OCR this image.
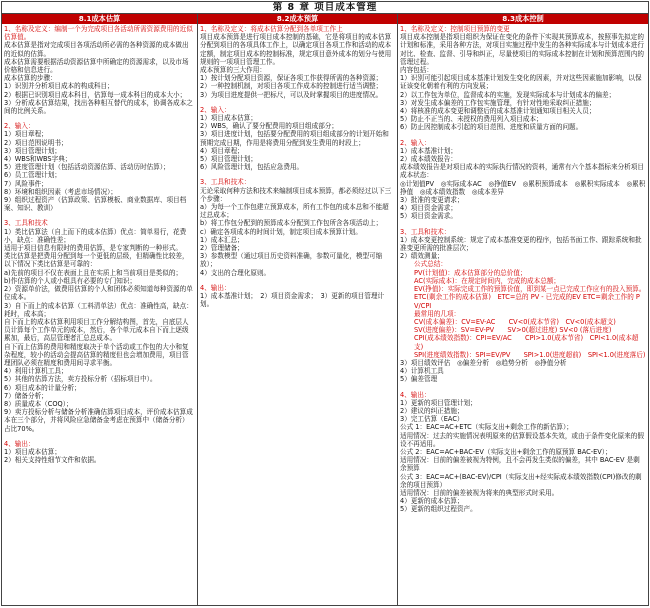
第 8 章 项目成本管理
8.1成本估算

1、名称及定义：编制一个为完成项目各活动所需资源费用的近似估算值。

成本估算是指对完成项目各项活动所必需的各种资源的成本做出的近似的估算。

成本估算需要根据活动资源估算中所确定的资源需求，以及市场价格和信息进行。

成本估算的步骤：

1）识别并分析项目成本的构成科目；

2）根据已识别项目成本科目，估算每一成本科目的成本大小；

3）分析成本估算结果，找出各种相互替代的成本，协调各成本之间的比例关系。

2、输入：

1）项目章程；

2）项目范围说明书；

3）项目管理计划；

4）WBS和WBS字典；

5）进度管理计划（包括活动资源估算、活动历时估算）；

6）员工管理计划；

7）风险事件；

8）环境和组织因素（考虑市场情况）；

9）组织过程资产（估算政策、估算模板、商业数据库、项目档案、知识、教训）

3、工具和技术

1）类比估算法（自上而下的成本估算）优点：简单易行，花费小，缺点：准确性差；

适用于项目信息有限时的费用估算，是专家判断的一种形式。

类比估算是把费用分配到每一个更低的层级，但精确性比较差，以下情况下类比估算是可靠的：

a)先前的项目不仅在表面上且在实质上和当前项目是类似的；

b)作估算的个人或小组具有必要的专门知识；

2）资源单价法，做费用估算的个人和团体必须知道每种资源的单位成本。

3）自下而上的成本估算（工料清单法）优点：准确性高，缺点：耗时，成本高；

自下而上的成本估算利用项目工作分解结构图，首先，自底层人员计算每个工作单元的成本，然后，各个单元成本自下而上逐级累加，最后，高层管理者汇总总成本。

自下而上估算的费用和精度取决于单个活动或工作包的大小和复杂程度，较小的活动会提高估算的精度但也会增加费用，项目管理团队必须在精度和费用间寻求平衡。

4）利用计算机工具；

5）其他的估算方法，卖方投标分析（招标项目中）。

6）项目成本的计量分析；

7）储备分析；

8）质量成本（COQ）；

9）卖方投标分析与储备分析准确估算项目成本，评价成本估算成本在三个部分，并将风险应急储备金考虑在预算中（储备分析）占比70%。

4、输出：

1）项目成本估算；

2）相关支持性细节文件和依据。

8.2成本预算

1、名称及定义：将成本估算分配到各单项工作上

项目成本预算是进行项目成本控制的基础，它是将项目的成本估算分配到项目的各项具体工作上，以确定项目各项工作和活动的成本定额，制定项目成本的控制标准，规定项目意外成本的划分与使用规则的一项项目管理工作。

成本预算的三大作用：

1）按计划分配项目资源，保证各项工作获得所需的各种资源；

2）一种控制机制，对项目各项工作成本的控制进行适当调整；

3）为项目进度提供一把标尺，可以及时掌握项目的进度情况。

2、输入：

1）项目成本估算；

2）WBS，确认了要分配费用的项目组成部分；

3）项目进度计划，包括要分配费用的项目组成部分的计划开始和预期完成日期，作用是将费用分配到发生费用的时段上；

4）项目章程；

5）项目管理计划；

6）风险管理计划，包括应急费用。

3、工具和技术：

无论采取何种方法和技术来编制项目成本预算，都必须经过以下三个步骤：

a）为每一个工作包建立预算成本，所有工作包的成本总和不能超过总成本；

b）将工作包分配到的预算成本分配到工作包所含各项活动上；

c）确定各项成本的时间计划，制定项目成本预算计划。

1）成本汇总；

2）管理储备；

3）参数模型（通过项目历史资料准确，参数可量化，模型可缩放）；

4）支出的合理化原则。

4、输出：

1）成本基准计划；　2）项目资金需求；　3）更新的项目管理计划。

8.3成本控制

1、名称及定义：控制项目预算的变更

项目成本控制是指项目组织为保证在变化的条件下实现其预算成本，按照事先拟定的计划和标准，采用各种方法，对项目实施过程中发生的各种实际成本与计划成本进行对比、检查、监督、引导和纠正，尽量使项目的实际成本控制在计划和预算范围内的管理过程。

内容包括：

1）识别可能引起项目成本基准计划发生变化的因素，并对这些因素施加影响，以保证该变化朝着有利的方向发展；

2）以工作包为单位，监督成本的实施，发现实际成本与计划成本的偏差；

3）对发生成本偏差的工作包实施管理，有针对性地采取纠正措施；

4）将核准的成本变更和调整后的成本基准计划通知项目相关人员；

5）防止不正当的、未授权的费用列入项目成本；

6）防止因控制成本引起的项目范围、进度和质量方面的问题。

2、输入：

1）成本基准计划；

2）成本绩效报告：

成本绩效报告是对项目成本的实际执行情况的资料，通常有六个基本指标来分析项目成本状态：

◎计划值PV　◎实际成本AC　◎挣值EV　◎累积预算成本　◎累积实际成本　◎累积挣值　◎成本绩效指数　◎成本差异

3）批准的变更请求；

4）项目资金需求；

5）项目资金需求。

3、工具和技术：

1）成本变更控制系统：规定了成本基准变更的程序，包括书面工作、跟踪系统和批准变更所需的批准层次；

2）绩效测量；

公式总结：

PV(计划值)：成本估算部分的总价值；

AC(实际成本)：在规定时间内，完成的成本总额；

EV(挣值)：实际完成工作的预算价值，即到某一点已完成工作应有的投入预算。

ETC(剩余工作的成本估算)　ETC=总的 PV - 已完成的EV ETC=剩余工作的 PV/CPI

最常用的几项：

CV(成本偏差)：CV=EV-AC　　CV<0(成本节省)　CV<0(成本超支)

SV(进度偏差)：SV=EV-PV　　SV>0(超过进度) SV<0 (落后进度)

CPI(成本绩效指数)：CPI=EV/AC　　CPI>1.0(成本节省)　CPI<1.0(成本超支)

SPI(进度绩效指数)：SPI=EV/PV　　SPI>1.0(进度超前)　SPI<1.0(进度落后)

3）项目绩效评估　◎偏差分析　◎趋势分析　◎挣值分析

4）计算机工具

5）偏差管理

4、输出：

1）更新的项目管理计划；

2）建议的纠正措施；

3）完工估算（EAC）

公式 1：EAC=AC+ETC（实际支出+剩余工作的新估算）；

适用情况：过去的实施情况表明原来的估算假设基本失效，或由于条件变化原来的假设不再适用。

公式 2：EAC=AC+BAC-EV（实际支出+剩余工作的原预算 BAC-EV）；

适用情况：目前的偏差被视为特例，且不会再发生类似的偏差，其中 BAC-EV 是剩余预算

公式 3：EAC=AC+(BAC-EV)/CPI（实际支出+经实际成本绩效指数(CPI)修改的剩余的项目预算）

适用情况：目前的偏差被视为将来的典型形式时采用。

4）更新的成本估算；

5）更新的组织过程资产。
